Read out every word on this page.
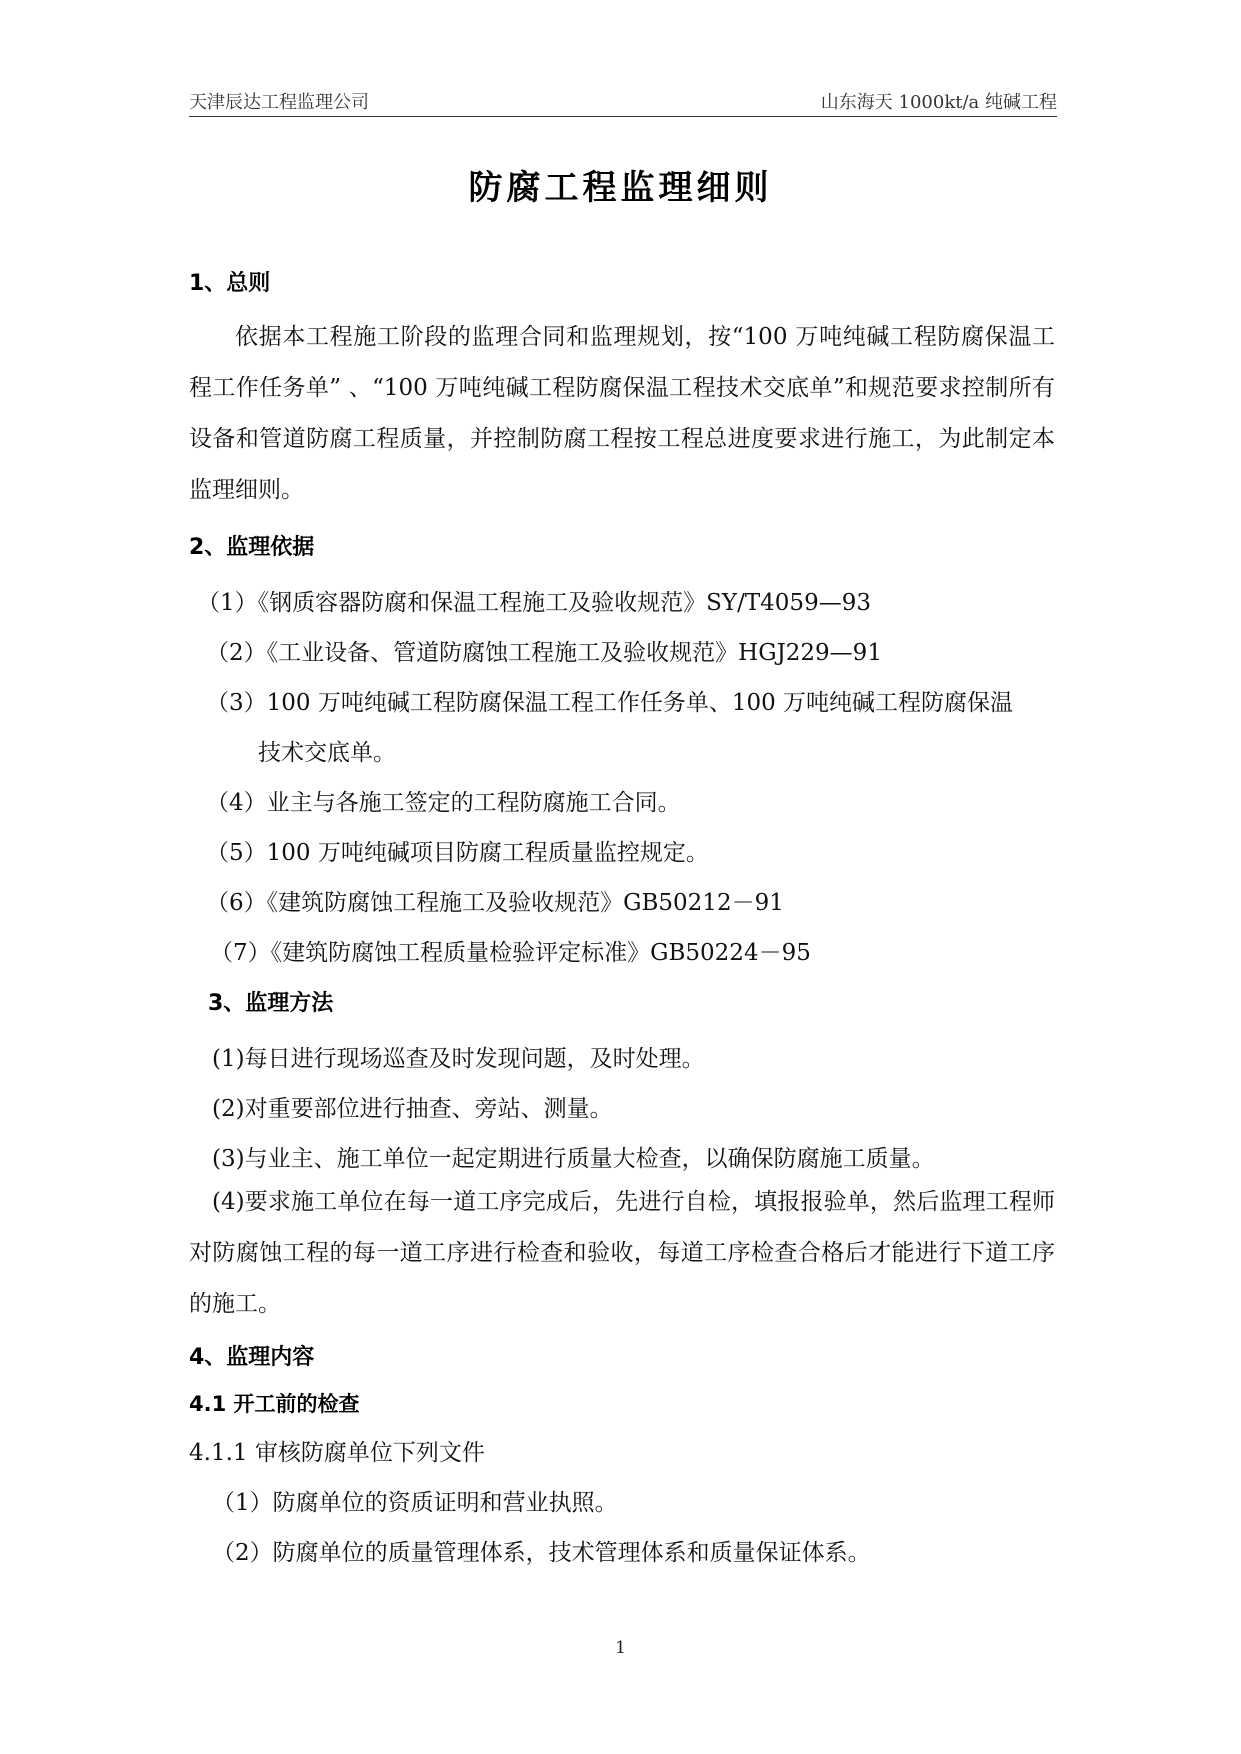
天津辰达工程监理公司	山东海天 1000kt/a 纯碱工程
防腐工程监理细则
1、总则
依据本工程施工阶段的监理合同和监理规划，按“100 万吨纯碱工程防腐保温工程工作任务单” 、“100 万吨纯碱工程防腐保温工程技术交底单”和规范要求控制所有设备和管道防腐工程质量，并控制防腐工程按工程总进度要求进行施工，为此制定本监理细则。
2、监理依据
（1）《钢质容器防腐和保温工程施工及验收规范》SY/T4059—93
（2）《工业设备、管道防腐蚀工程施工及验收规范》HGJ229—91
（3）100 万吨纯碱工程防腐保温工程工作任务单、100 万吨纯碱工程防腐保温
技术交底单。
（4）业主与各施工签定的工程防腐施工合同。
（5）100 万吨纯碱项目防腐工程质量监控规定。
（6）《建筑防腐蚀工程施工及验收规范》GB50212－91
（7）《建筑防腐蚀工程质量检验评定标准》GB50224－95
3、监理方法
(1)每日进行现场巡查及时发现问题，及时处理。
(2)对重要部位进行抽查、旁站、测量。
(3)与业主、施工单位一起定期进行质量大检查，以确保防腐施工质量。
(4)要求施工单位在每一道工序完成后，先进行自检，填报报验单，然后监理工程师对防腐蚀工程的每一道工序进行检查和验收，每道工序检查合格后才能进行下道工序的施工。
4、监理内容
4.1 开工前的检查
4.1.1 审核防腐单位下列文件
（1）防腐单位的资质证明和营业执照。
（2）防腐单位的质量管理体系，技术管理体系和质量保证体系。
1
